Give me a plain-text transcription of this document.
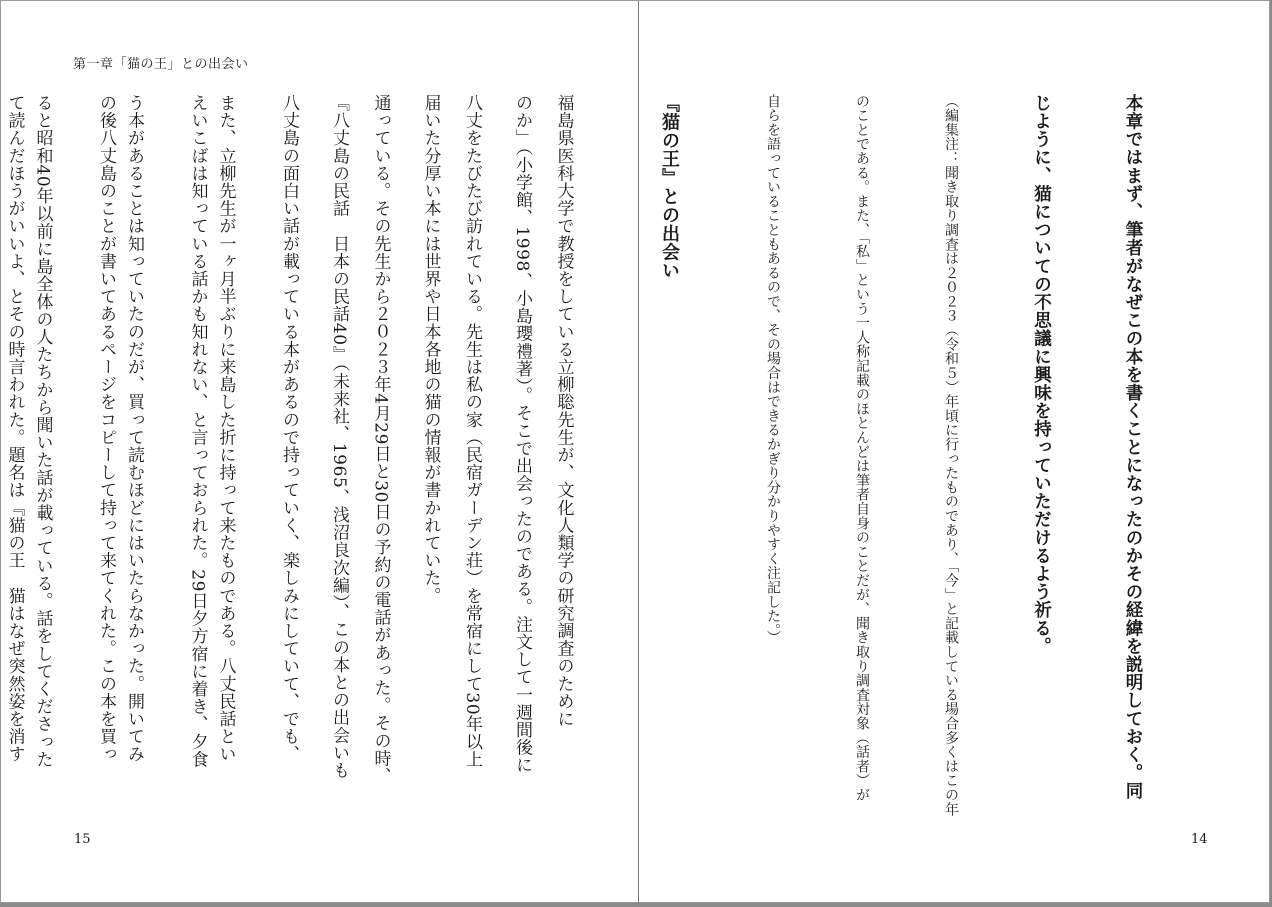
第一章「猫の王」との出会い

のか」（小学館、1998、小島瓔禮著）。そこで出会ったのである。注文して一週間後に

届いた分厚い本には世界や日本各地の猫の情報が書かれていた。

『八丈島の民話　日本の民話40』（未来社、1965、浅沼良次編）、この本との出会いも

また、立柳先生が一ヶ月半ぶりに来島した折に持って来たものである。八丈民話とい

う本があることは知っていたのだが、買って読むほどにはいたらなかった。開いてみ

ると昭和40年以前に島全体の人たちから聞いた話が載っている。話をしてくださった

15

本章ではまず、筆者がなぜこの本を書くことになったのかその経緯を説明しておく。同

じように、猫についての不思議に興味を持っていただけるよう祈る。

（編集注：聞き取り調査は２０２３（令和５）年頃に行ったものであり、「今」と記載している場合多くはこの年

のことである。また、「私」という一人称記載のほとんどは筆者自身のことだが、聞き取り調査対象（話者）が

自らを語っていることもあるので、その場合はできるかぎり分かりやすく注記した。）

『猫の王』との出会い

福島県医科大学で教授をしている立柳聡先生が、文化人類学の研究調査のために

八丈をたびたび訪れている。先生は私の家（民宿ガーデン荘）を常宿にして30年以上

通っている。その先生から２０２３年4月29日と30日の予約の電話があった。その時、

八丈島の面白い話が載っている本があるので持っていく、楽しみにしていて、でも、

えいこばは知っている話かも知れない、と言っておられた。29日夕方宿に着き、夕食

の後八丈島のことが書いてあるページをコピーして持って来てくれた。この本を買っ

て読んだほうがいいよ、とその時言われた。題名は『猫の王　猫はなぜ突然姿を消す

14
